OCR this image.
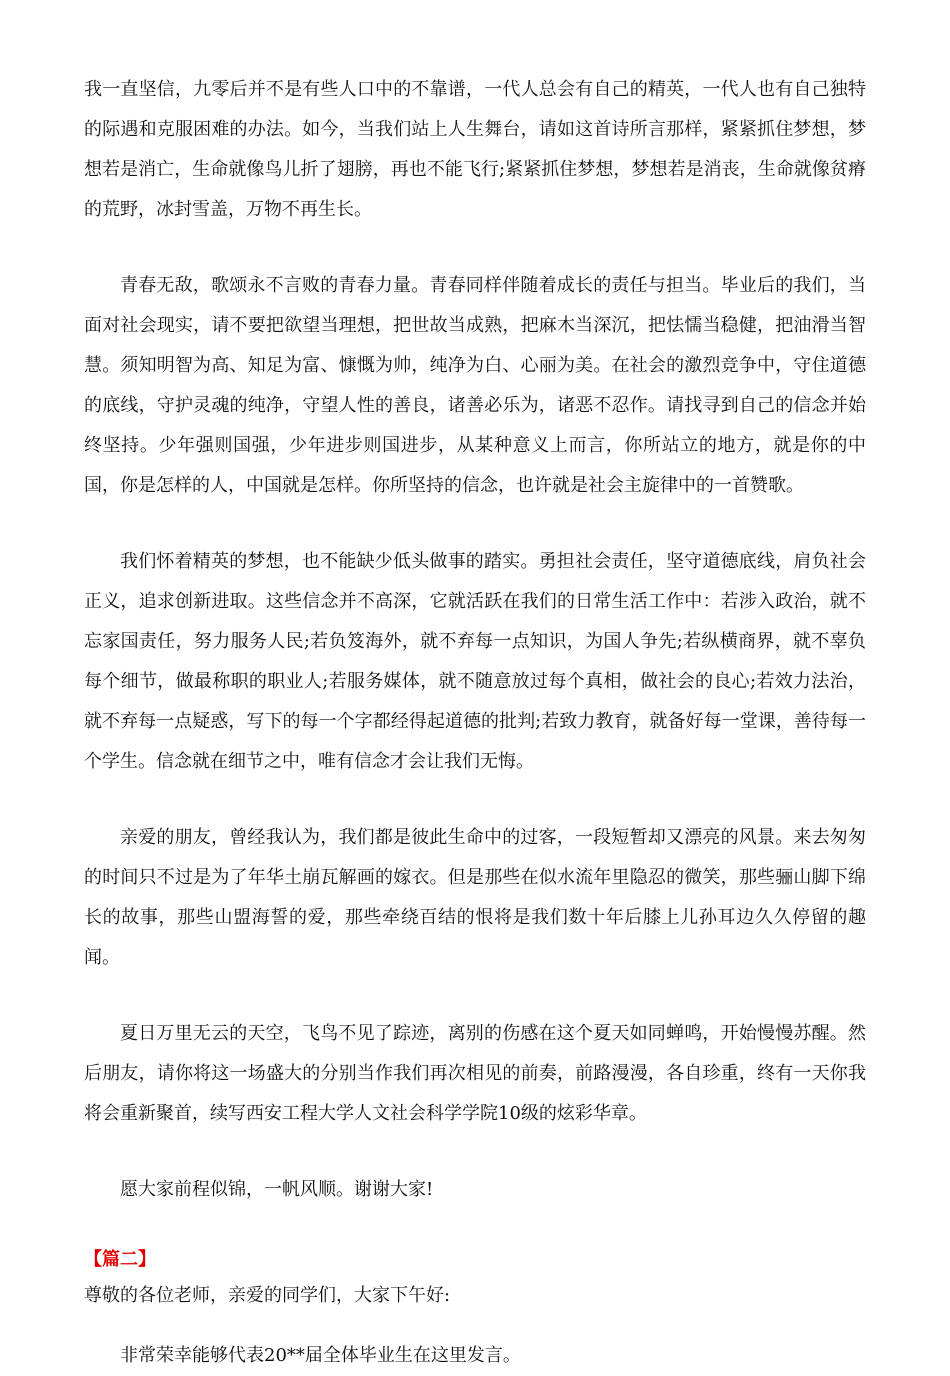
我一直坚信，九零后并不是有些人口中的不靠谱，一代人总会有自己的精英，一代人也有自己独特的际遇和克服困难的办法。如今，当我们站上人生舞台，请如这首诗所言那样，紧紧抓住梦想，梦想若是消亡，生命就像鸟儿折了翅膀，再也不能飞行;紧紧抓住梦想，梦想若是消丧，生命就像贫瘠的荒野，冰封雪盖，万物不再生长。

青春无敌，歌颂永不言败的青春力量。青春同样伴随着成长的责任与担当。毕业后的我们，当面对社会现实，请不要把欲望当理想，把世故当成熟，把麻木当深沉，把怯懦当稳健，把油滑当智慧。须知明智为高、知足为富、慷慨为帅，纯净为白、心丽为美。在社会的激烈竞争中，守住道德的底线，守护灵魂的纯净，守望人性的善良，诸善必乐为，诸恶不忍作。请找寻到自己的信念并始终坚持。少年强则国强，少年进步则国进步，从某种意义上而言，你所站立的地方，就是你的中国，你是怎样的人，中国就是怎样。你所坚持的信念，也许就是社会主旋律中的一首赞歌。

我们怀着精英的梦想，也不能缺少低头做事的踏实。勇担社会责任，坚守道德底线，肩负社会正义，追求创新进取。这些信念并不高深，它就活跃在我们的日常生活工作中：若涉入政治，就不忘家国责任，努力服务人民;若负笈海外，就不弃每一点知识，为国人争先;若纵横商界，就不辜负每个细节，做最称职的职业人;若服务媒体，就不随意放过每个真相，做社会的良心;若效力法治，就不弃每一点疑惑，写下的每一个字都经得起道德的批判;若致力教育，就备好每一堂课，善待每一个学生。信念就在细节之中，唯有信念才会让我们无悔。

亲爱的朋友，曾经我认为，我们都是彼此生命中的过客，一段短暂却又漂亮的风景。来去匆匆的时间只不过是为了年华土崩瓦解画的嫁衣。但是那些在似水流年里隐忍的微笑，那些骊山脚下绵长的故事，那些山盟海誓的爱，那些牵绕百结的恨将是我们数十年后膝上儿孙耳边久久停留的趣闻。

夏日万里无云的天空，飞鸟不见了踪迹，离别的伤感在这个夏天如同蝉鸣，开始慢慢苏醒。然后朋友，请你将这一场盛大的分别当作我们再次相见的前奏，前路漫漫，各自珍重，终有一天你我将会重新聚首，续写西安工程大学人文社会科学学院10级的炫彩华章。

愿大家前程似锦，一帆风顺。谢谢大家!

【篇二】

尊敬的各位老师，亲爱的同学们，大家下午好:

非常荣幸能够代表20**届全体毕业生在这里发言。
